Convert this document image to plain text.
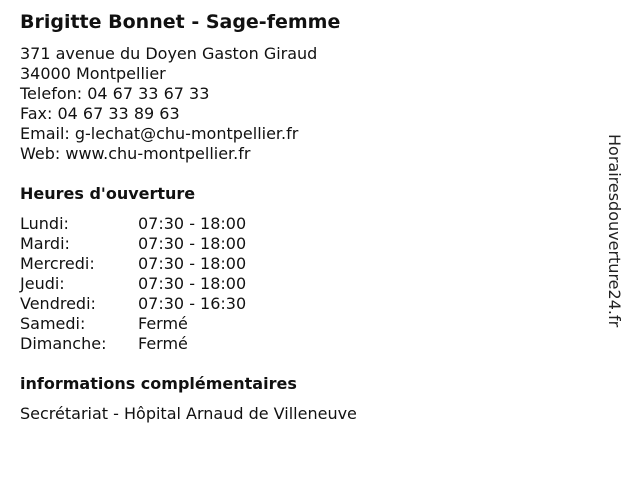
Brigitte Bonnet - Sage-femme
371 avenue du Doyen Gaston Giraud
34000 Montpellier
Telefon: 04 67 33 67 33
Fax: 04 67 33 89 63
Email: g-lechat@chu-montpellier.fr
Web: www.chu-montpellier.fr
Heures d'ouverture
Lundi:	07:30 - 18:00
Mardi:	07:30 - 18:00
Mercredi:	07:30 - 18:00
Jeudi:	07:30 - 18:00
Vendredi:	07:30 - 16:30
Samedi:	Fermé
Dimanche: Fermé
informations complémentaires
Secrétariat - Hôpital Arnaud de Villeneuve
Horairesdouverture24.fr
